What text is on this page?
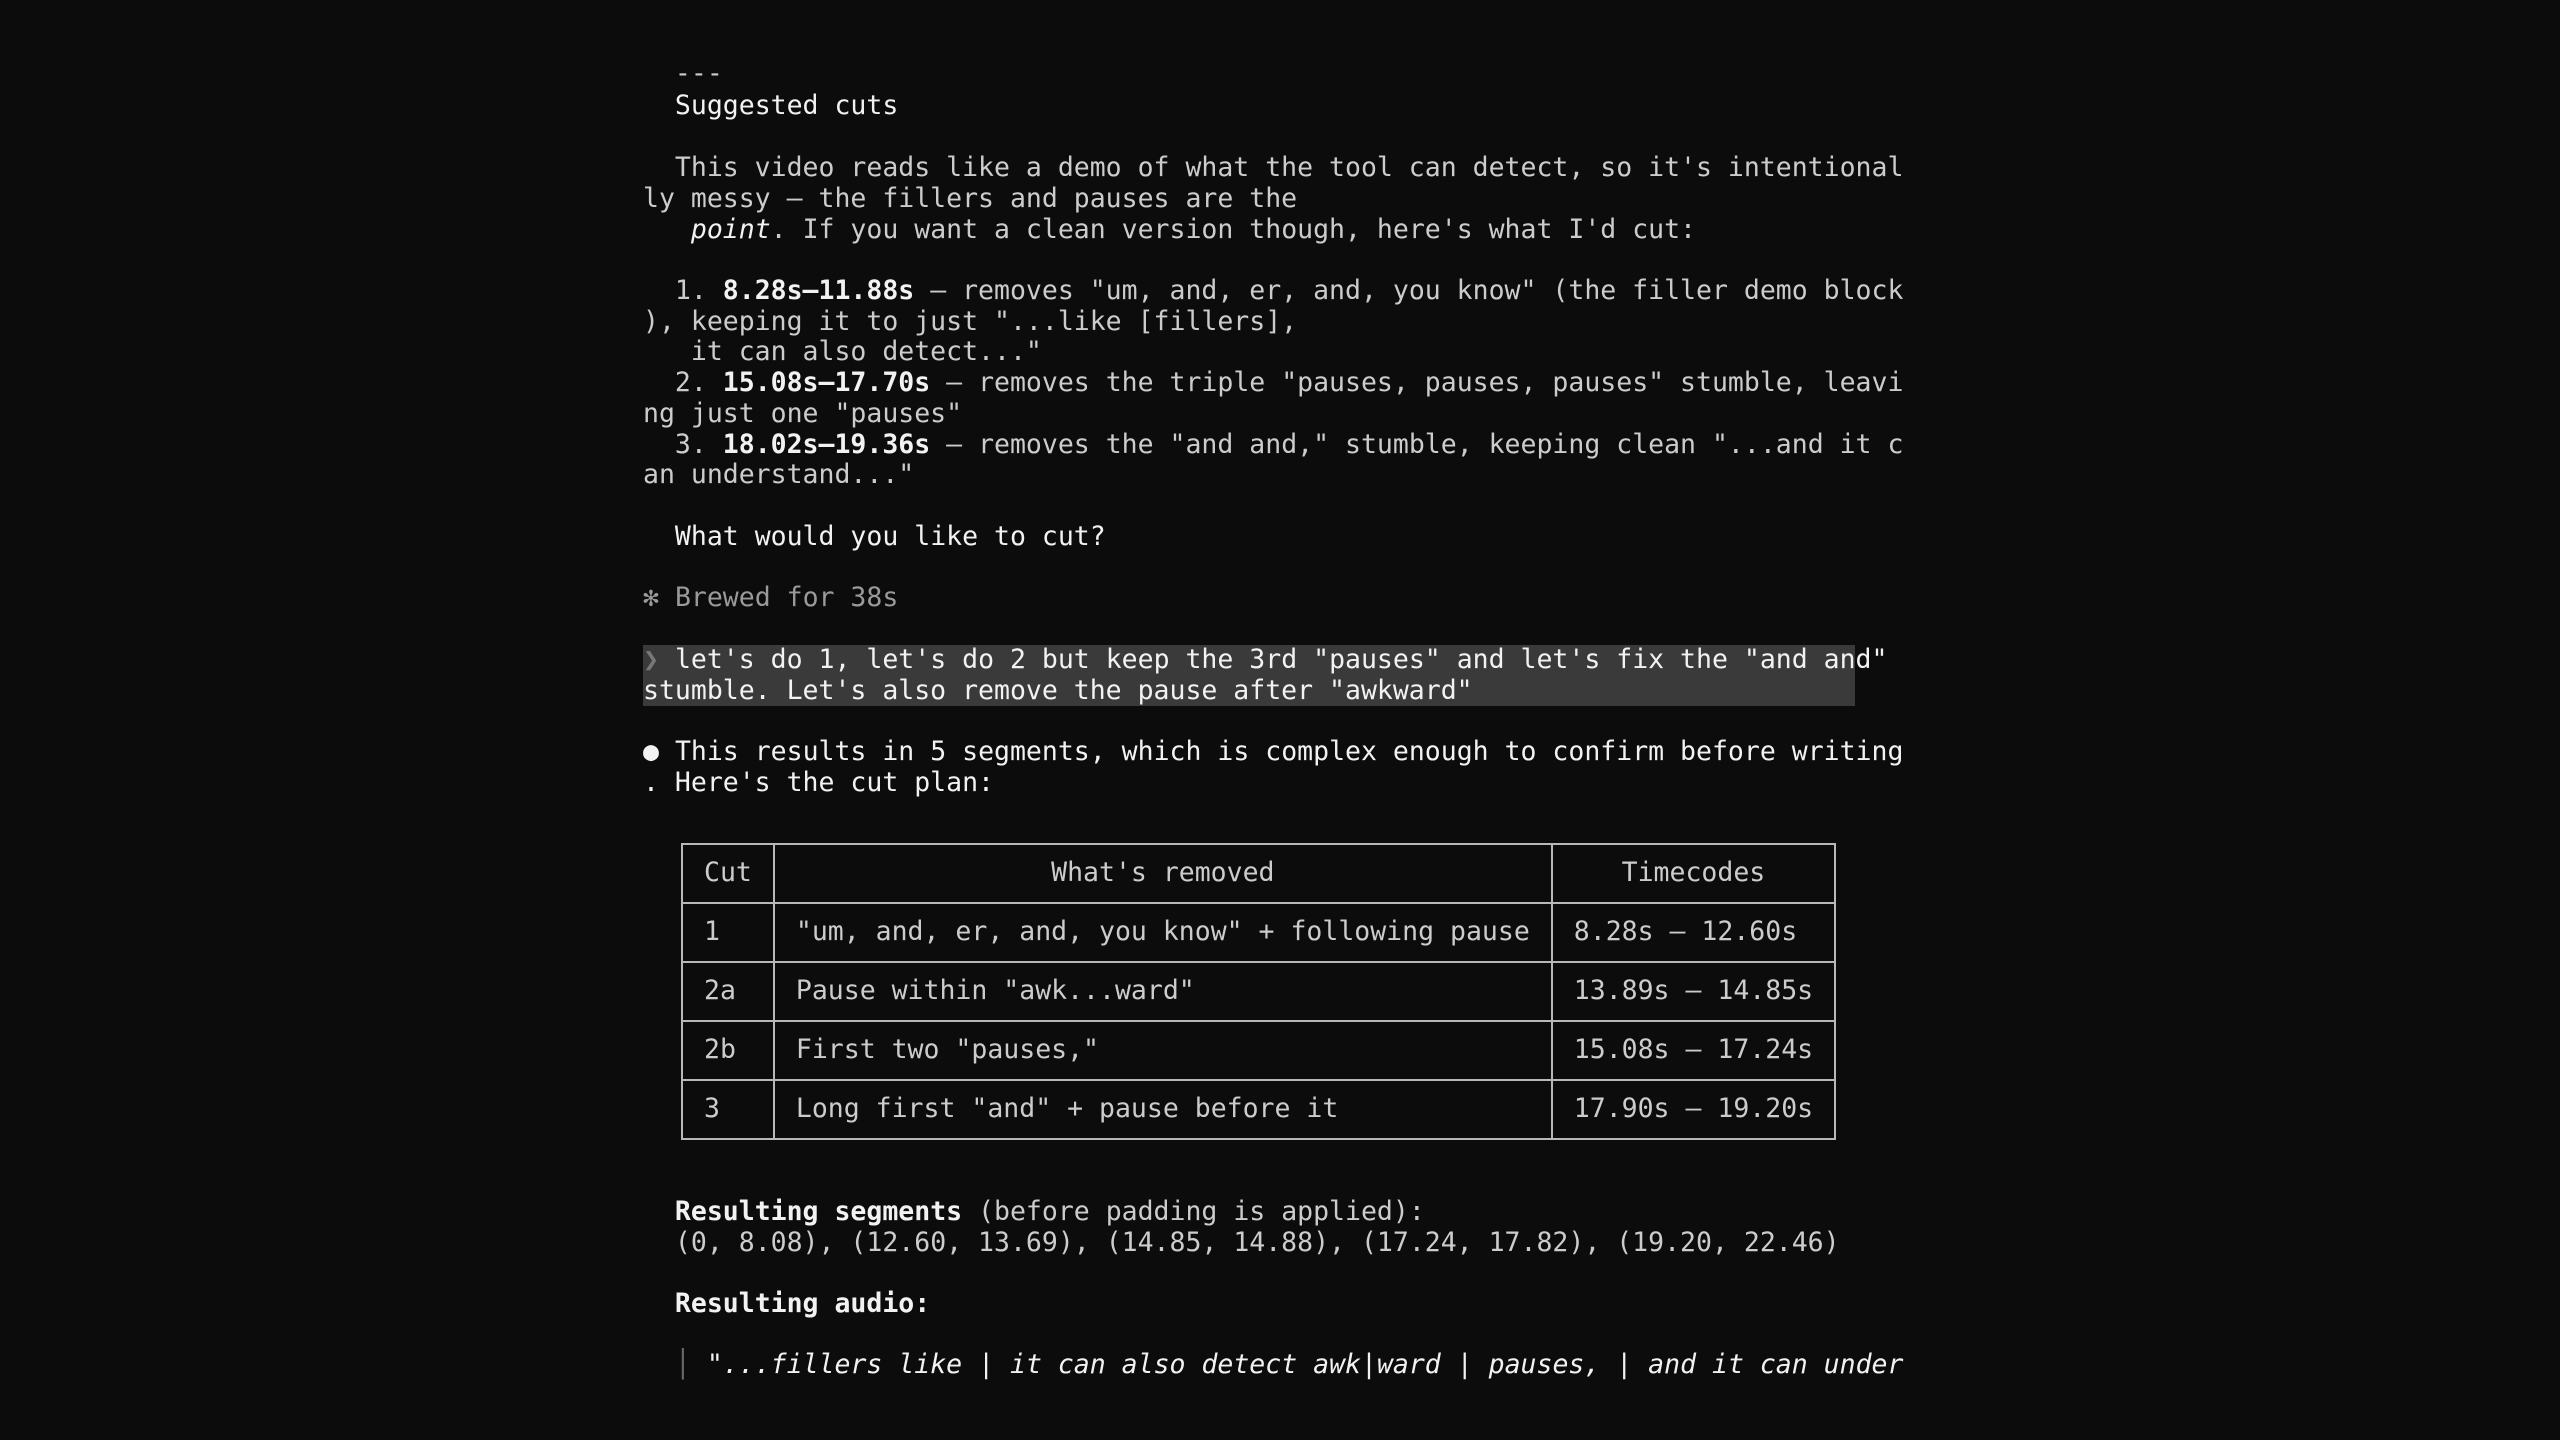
---
Suggested cuts
This video reads like a demo of what the tool can detect, so it's intentional
ly messy — the fillers and pauses are the
point. If you want a clean version though, here's what I'd cut:
1. 8.28s–11.88s — removes "um, and, er, and, you know" (the filler demo block
), keeping it to just "...like [fillers],
it can also detect..."
2. 15.08s–17.70s — removes the triple "pauses, pauses, pauses" stumble, leavi
ng just one "pauses"
3. 18.02s–19.36s — removes the "and and," stumble, keeping clean "...and it c
an understand..."
What would you like to cut?
✻ Brewed for 38s
❯ let's do 1, let's do 2 but keep the 3rd "pauses" and let's fix the "and and"
stumble. Let's also remove the pause after "awkward"
● This results in 5 segments, which is complex enough to confirm before writing
. Here's the cut plan:
Cut	What's removed	Timecodes
1	"um, and, er, and, you know" + following pause	8.28s – 12.60s
2a	Pause within "awk...ward"	13.89s – 14.85s
2b	First two "pauses,"	15.08s – 17.24s
3	Long first "and" + pause before it	17.90s – 19.20s
Resulting segments (before padding is applied):
(0, 8.08), (12.60, 13.69), (14.85, 14.88), (17.24, 17.82), (19.20, 22.46)
Resulting audio:
│ "...fillers like | it can also detect awk|ward | pauses, | and it can under
